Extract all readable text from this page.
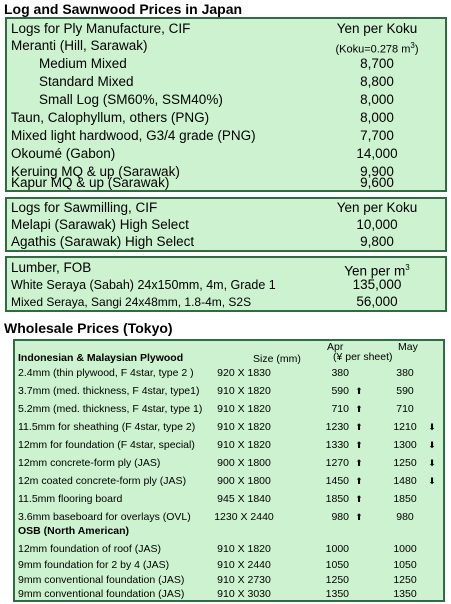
Log and Sawnwood Prices in Japan
Logs for Ply Manufacture, CIF	Yen per Koku
Meranti (Hill, Sarawak)	(Koku=0.278 $m^3$)
Medium Mixed	8,700
Standard Mixed	8,800
Small Log (SM60%, SSM40%)	8,000
Taun, Calophyllum, others (PNG)	8,000
Mixed light hardwood, G3/4 grade (PNG)	7,700
Okoumé (Gabon)	14,000
Keruing MQ & up (Sarawak)	9,900
Kapur MQ & up (Sarawak)	9,600
Logs for Sawmilling, CIF	Yen per Koku
Melapi (Sarawak) High Select	10,000
Agathis (Sarawak) High Select	9,800
Lumber, FOB	Yen per $m^3$
White Seraya (Sabah) 24x150mm, 4m, Grade 1	135,000
Mixed Seraya, Sangi 24x48mm, 1.8-4m, S2S	56,000
Wholesale Prices (Tokyo)
Apr	May
(¥ per sheet)
Indonesian & Malaysian Plywood	Size (mm)
2.4mm (thin plywood, F 4star, type 2 )	920 X 1830	380	380
3.7mm (med. thickness, F 4star, type1)	910 X 1820	590 ⬆	590
5.2mm (med. thickness, F 4star, type 1)	910 X 1820	710 ⬆	710
11.5mm for sheathing (F 4star, type 2)	910 X 1820	1230 ⬆	1210	⬇
12mm for foundation (F 4star, special)	910 X 1820	1330 ⬆	1300	⬇
12mm concrete-form ply (JAS)	900 X 1800	1270 ⬆	1250	⬇
12m coated concrete-form ply (JAS)	900 X 1800	1450 ⬆	1480	⬇
11.5mm flooring board	945 X 1840	1850 ⬆	1850
3.6mm baseboard for overlays (OVL)	1230 X 2440	980 ⬆	980
OSB (North American)
12mm foundation of roof (JAS)	910 X 1820	1000	1000
9mm foundation for 2 by 4 (JAS)	910 X 2440	1050	1050
9mm conventional foundation (JAS)	910 X 2730	1250	1250
9mm conventional foundation (JAS)	910 X 3030	1350	1350
